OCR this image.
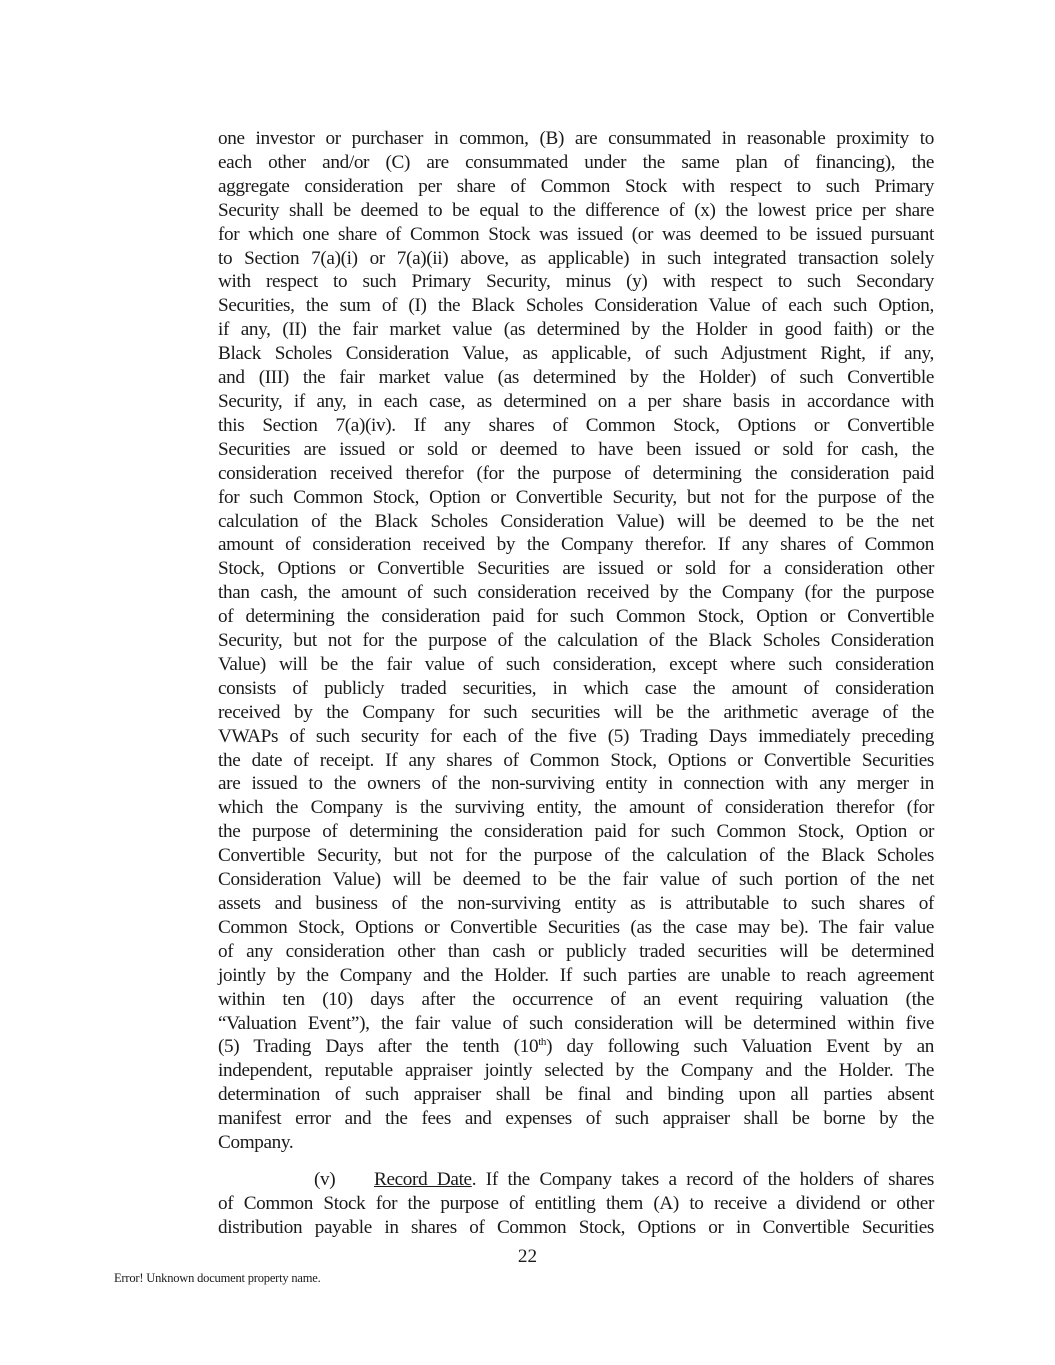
one investor or purchaser in common, (B) are consummated in reasonable proximity to
each other and/or (C) are consummated under the same plan of financing), the
aggregate consideration per share of Common Stock with respect to such Primary
Security shall be deemed to be equal to the difference of (x) the lowest price per share
for which one share of Common Stock was issued (or was deemed to be issued pursuant
to Section 7(a)(i) or 7(a)(ii) above, as applicable) in such integrated transaction solely
with respect to such Primary Security, minus (y) with respect to such Secondary
Securities, the sum of (I) the Black Scholes Consideration Value of each such Option,
if any, (II) the fair market value (as determined by the Holder in good faith) or the
Black Scholes Consideration Value, as applicable, of such Adjustment Right, if any,
and (III) the fair market value (as determined by the Holder) of such Convertible
Security, if any, in each case, as determined on a per share basis in accordance with
this Section 7(a)(iv). If any shares of Common Stock, Options or Convertible
Securities are issued or sold or deemed to have been issued or sold for cash, the
consideration received therefor (for the purpose of determining the consideration paid
for such Common Stock, Option or Convertible Security, but not for the purpose of the
calculation of the Black Scholes Consideration Value) will be deemed to be the net
amount of consideration received by the Company therefor. If any shares of Common
Stock, Options or Convertible Securities are issued or sold for a consideration other
than cash, the amount of such consideration received by the Company (for the purpose
of determining the consideration paid for such Common Stock, Option or Convertible
Security, but not for the purpose of the calculation of the Black Scholes Consideration
Value) will be the fair value of such consideration, except where such consideration
consists of publicly traded securities, in which case the amount of consideration
received by the Company for such securities will be the arithmetic average of the
VWAPs of such security for each of the five (5) Trading Days immediately preceding
the date of receipt. If any shares of Common Stock, Options or Convertible Securities
are issued to the owners of the non-surviving entity in connection with any merger in
which the Company is the surviving entity, the amount of consideration therefor (for
the purpose of determining the consideration paid for such Common Stock, Option or
Convertible Security, but not for the purpose of the calculation of the Black Scholes
Consideration Value) will be deemed to be the fair value of such portion of the net
assets and business of the non-surviving entity as is attributable to such shares of
Common Stock, Options or Convertible Securities (as the case may be). The fair value
of any consideration other than cash or publicly traded securities will be determined
jointly by the Company and the Holder. If such parties are unable to reach agreement
within ten (10) days after the occurrence of an event requiring valuation (the
“Valuation Event”), the fair value of such consideration will be determined within five
(5) Trading Days after the tenth (10th) day following such Valuation Event by an
independent, reputable appraiser jointly selected by the Company and the Holder. The
determination of such appraiser shall be final and binding upon all parties absent
manifest error and the fees and expenses of such appraiser shall be borne by the
Company.
(v) Record Date. If the Company takes a record of the holders of shares
of Common Stock for the purpose of entitling them (A) to receive a dividend or other
distribution payable in shares of Common Stock, Options or in Convertible Securities
22
Error! Unknown document property name.
